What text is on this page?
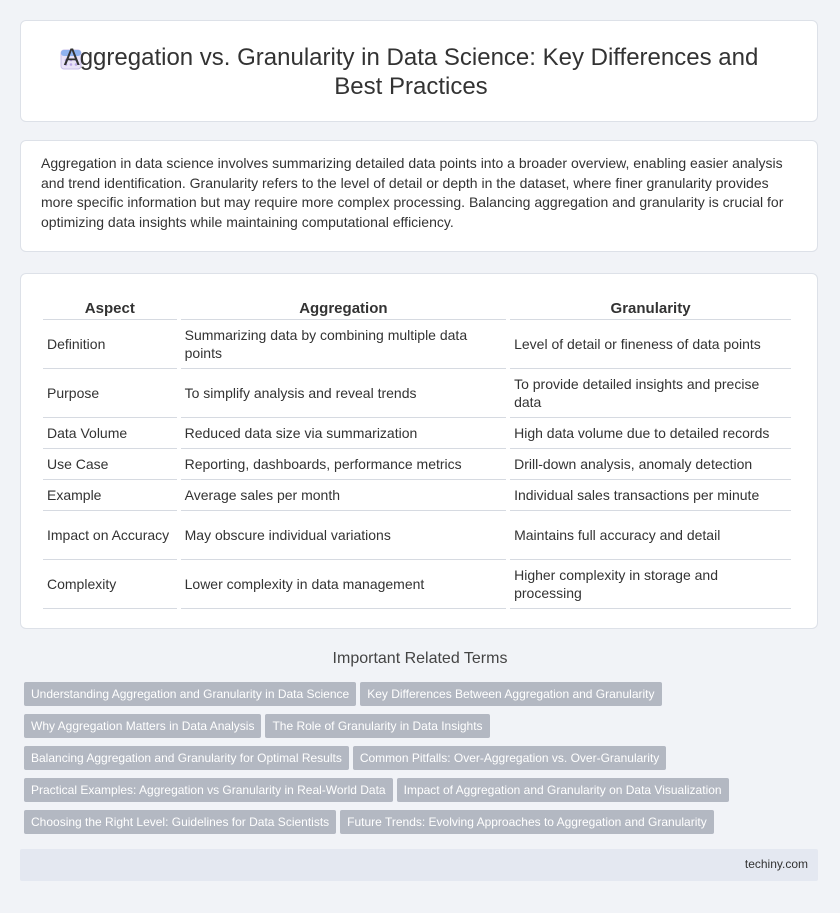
Aggregation vs. Granularity in Data Science: Key Differences and Best Practices

Aggregation in data science involves summarizing detailed data points into a broader overview, enabling easier analysis and trend identification. Granularity refers to the level of detail or depth in the dataset, where finer granularity provides more specific information but may require more complex processing. Balancing aggregation and granularity is crucial for optimizing data insights while maintaining computational efficiency.

Aspect	Aggregation	Granularity
Definition	Summarizing data by combining multiple data points	Level of detail or fineness of data points
Purpose	To simplify analysis and reveal trends	To provide detailed insights and precise data
Data Volume	Reduced data size via summarization	High data volume due to detailed records
Use Case	Reporting, dashboards, performance metrics	Drill-down analysis, anomaly detection
Example	Average sales per month	Individual sales transactions per minute
Impact on Accuracy	May obscure individual variations	Maintains full accuracy and detail
Complexity	Lower complexity in data management	Higher complexity in storage and processing
Important Related Terms
Understanding Aggregation and Granularity in Data Science Key Differences Between Aggregation and Granularity
Why Aggregation Matters in Data Analysis The Role of Granularity in Data Insights
Balancing Aggregation and Granularity for Optimal Results Common Pitfalls: Over-Aggregation vs. Over-Granularity
Practical Examples: Aggregation vs Granularity in Real-World Data Impact of Aggregation and Granularity on Data Visualization
Choosing the Right Level: Guidelines for Data Scientists Future Trends: Evolving Approaches to Aggregation and Granularity
techiny.com
